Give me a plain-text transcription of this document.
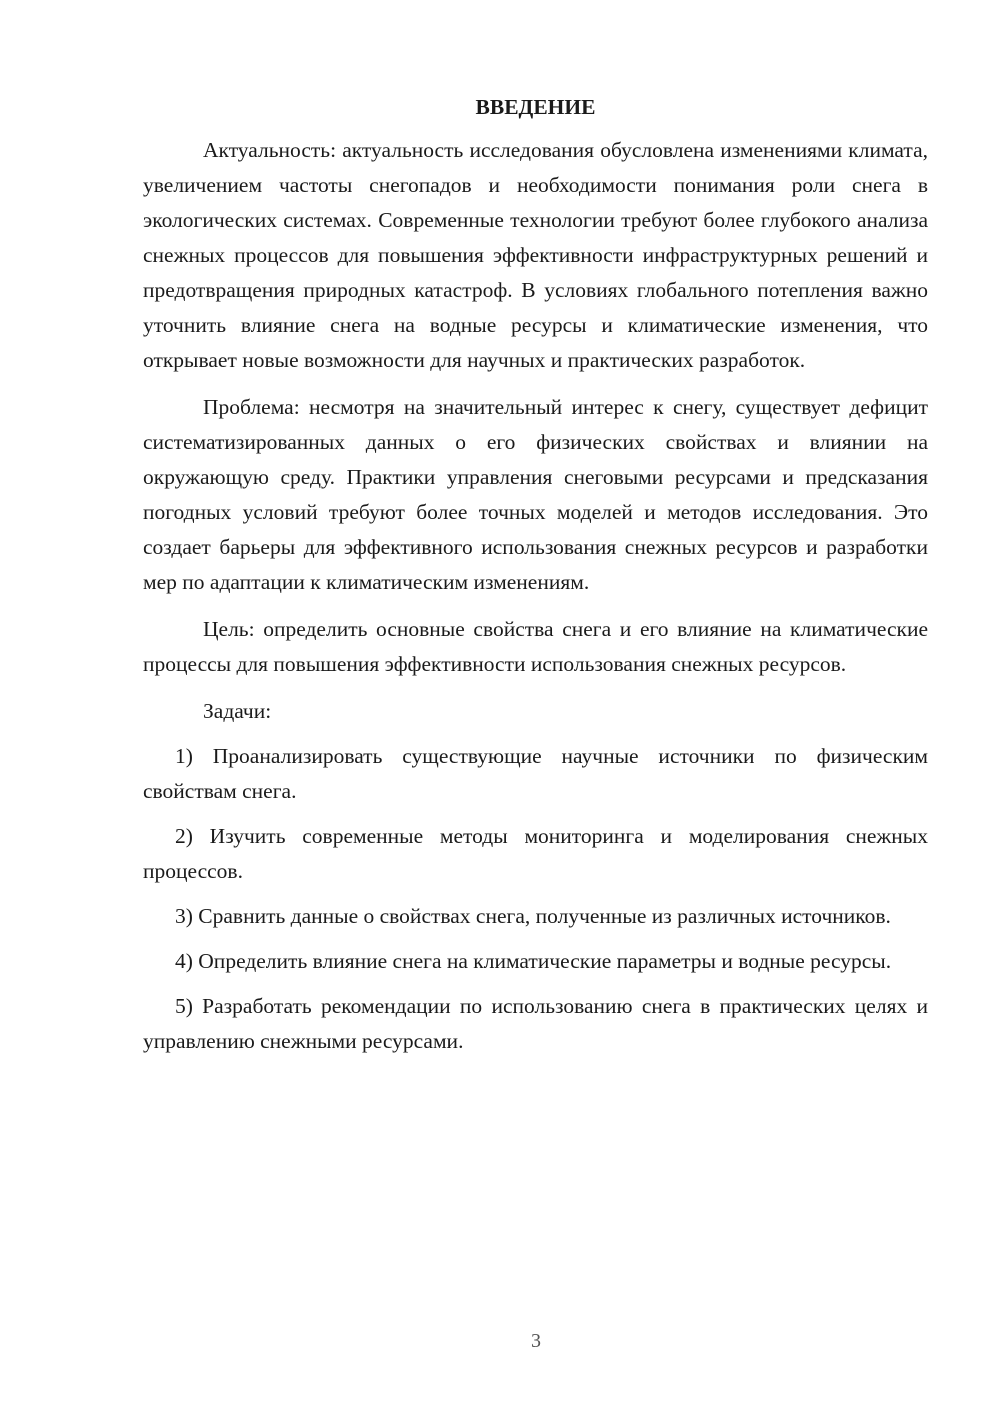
ВВЕДЕНИЕ

Актуальность: актуальность исследования обусловлена изменениями климата, увеличением частоты снегопадов и необходимости понимания роли снега в экологических системах. Современные технологии требуют более глубокого анализа снежных процессов для повышения эффективности инфраструктурных решений и предотвращения природных катастроф. В условиях глобального потепления важно уточнить влияние снега на водные ресурсы и климатические изменения, что открывает новые возможности для научных и практических разработок.

Проблема: несмотря на значительный интерес к снегу, существует дефицит систематизированных данных о его физических свойствах и влиянии на окружающую среду. Практики управления снеговыми ресурсами и предсказания погодных условий требуют более точных моделей и методов исследования. Это создает барьеры для эффективного использования снежных ресурсов и разработки мер по адаптации к климатическим изменениям.

Цель: определить основные свойства снега и его влияние на климатические процессы для повышения эффективности использования снежных ресурсов.

Задачи:

1) Проанализировать существующие научные источники по физическим свойствам снега.

2) Изучить современные методы мониторинга и моделирования снежных процессов.

3) Сравнить данные о свойствах снега, полученные из различных источников.

4) Определить влияние снега на климатические параметры и водные ресурсы.

5) Разработать рекомендации по использованию снега в практических целях и управлению снежными ресурсами.

3
